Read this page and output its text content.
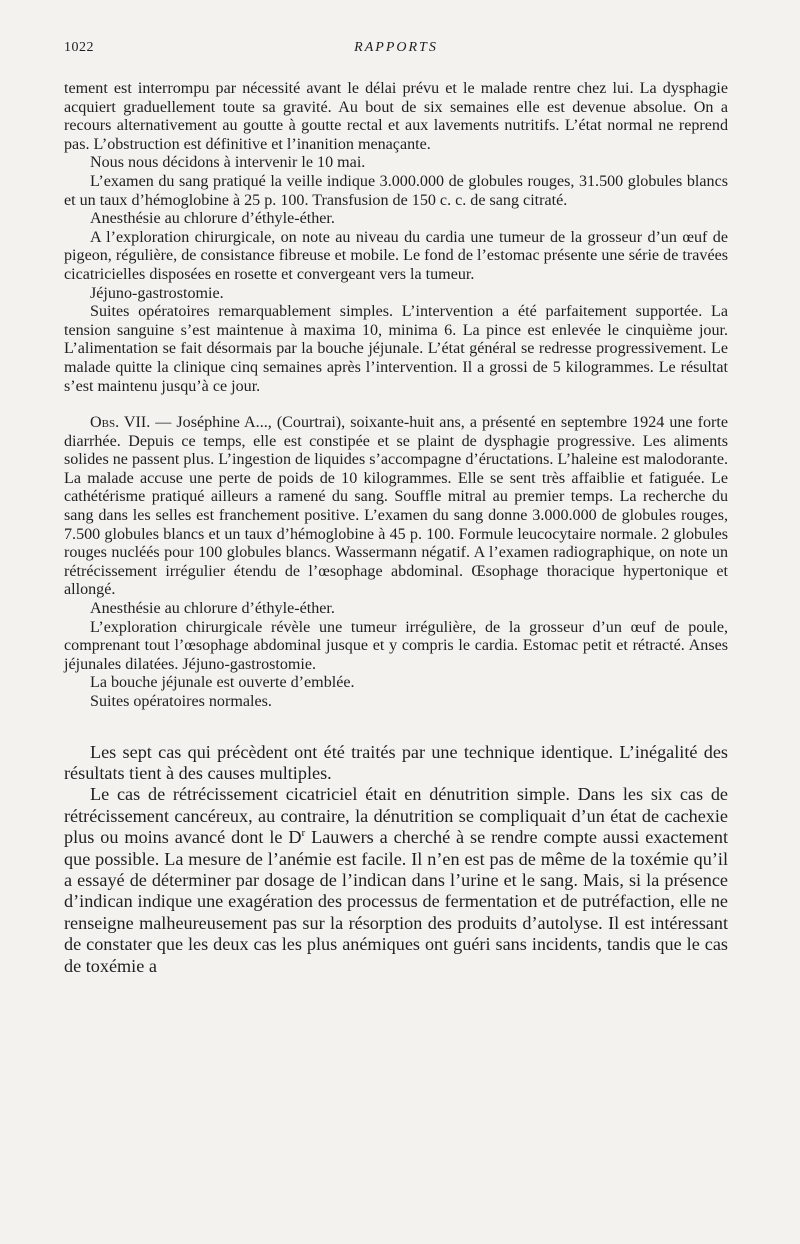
1022	RAPPORTS

tement est interrompu par nécessité avant le délai prévu et le malade rentre chez lui. La dysphagie acquiert graduellement toute sa gravité. Au bout de six semaines elle est devenue absolue. On a recours alternativement au goutte à goutte rectal et aux lavements nutritifs. L’état normal ne reprend pas. L’obstruction est définitive et l’inanition menaçante.

Nous nous décidons à intervenir le 10 mai.

L’examen du sang pratiqué la veille indique 3.000.000 de globules rouges, 31.500 globules blancs et un taux d’hémoglobine à 25 p. 100. Transfusion de 150 c. c. de sang citraté.

Anesthésie au chlorure d’éthyle-éther.

A l’exploration chirurgicale, on note au niveau du cardia une tumeur de la grosseur d’un œuf de pigeon, régulière, de consistance fibreuse et mobile. Le fond de l’estomac présente une série de travées cicatricielles disposées en rosette et convergeant vers la tumeur.

Jéjuno-gastrostomie.

Suites opératoires remarquablement simples. L’intervention a été parfaitement supportée. La tension sanguine s’est maintenue à maxima 10, minima 6. La pince est enlevée le cinquième jour. L’alimentation se fait désormais par la bouche jéjunale. L’état général se redresse progressivement. Le malade quitte la clinique cinq semaines après l’intervention. Il a grossi de 5 kilogrammes. Le résultat s’est maintenu jusqu’à ce jour.

Obs. VII. — Joséphine A..., (Courtrai), soixante-huit ans, a présenté en septembre 1924 une forte diarrhée. Depuis ce temps, elle est constipée et se plaint de dysphagie progressive. Les aliments solides ne passent plus. L’ingestion de liquides s’accompagne d’éructations. L’haleine est malodorante. La malade accuse une perte de poids de 10 kilogrammes. Elle se sent très affaiblie et fatiguée. Le cathétérisme pratiqué ailleurs a ramené du sang. Souffle mitral au premier temps. La recherche du sang dans les selles est franchement positive. L’examen du sang donne 3.000.000 de globules rouges, 7.500 globules blancs et un taux d’hémoglobine à 45 p. 100. Formule leucocytaire normale. 2 globules rouges nucléés pour 100 globules blancs. Wassermann négatif. A l’examen radiographique, on note un rétrécissement irrégulier étendu de l’œsophage abdominal. Œsophage thoracique hypertonique et allongé.

Anesthésie au chlorure d’éthyle-éther.

L’exploration chirurgicale révèle une tumeur irrégulière, de la grosseur d’un œuf de poule, comprenant tout l’œsophage abdominal jusque et y compris le cardia. Estomac petit et rétracté. Anses jéjunales dilatées. Jéjuno-gastrostomie.

La bouche jéjunale est ouverte d’emblée.

Suites opératoires normales.

Les sept cas qui précèdent ont été traités par une technique identique. L’inégalité des résultats tient à des causes multiples.

Le cas de rétrécissement cicatriciel était en dénutrition simple. Dans les six cas de rétrécissement cancéreux, au contraire, la dénutrition se compliquait d’un état de cachexie plus ou moins avancé dont le $D^r$ Lauwers a cherché à se rendre compte aussi exactement que possible. La mesure de l’anémie est facile. Il n’en est pas de même de la toxémie qu’il a essayé de déterminer par dosage de l’indican dans l’urine et le sang. Mais, si la présence d’indican indique une exagération des processus de fermentation et de putréfaction, elle ne renseigne malheureusement pas sur la résorption des produits d’autolyse. Il est intéressant de constater que les deux cas les plus anémiques ont guéri sans incidents, tandis que le cas de toxémie a
